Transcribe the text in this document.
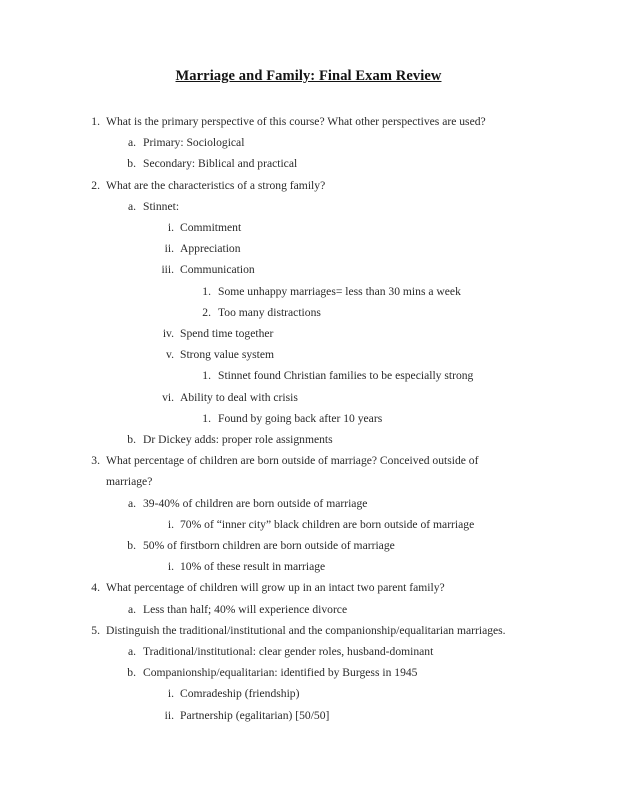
Marriage and Family: Final Exam Review
1. What is the primary perspective of this course? What other perspectives are used?
a. Primary: Sociological
b. Secondary: Biblical and practical
2. What are the characteristics of a strong family?
a. Stinnet:
i. Commitment
ii. Appreciation
iii. Communication
1. Some unhappy marriages= less than 30 mins a week
2. Too many distractions
iv. Spend time together
v. Strong value system
1. Stinnet found Christian families to be especially strong
vi. Ability to deal with crisis
1. Found by going back after 10 years
b. Dr Dickey adds: proper role assignments
3. What percentage of children are born outside of marriage? Conceived outside of marriage?
a. 39-40% of children are born outside of marriage
i. 70% of “inner city” black children are born outside of marriage
b. 50% of firstborn children are born outside of marriage
i. 10% of these result in marriage
4. What percentage of children will grow up in an intact two parent family?
a. Less than half; 40% will experience divorce
5. Distinguish the traditional/institutional and the companionship/equalitarian marriages.
a. Traditional/institutional: clear gender roles, husband-dominant
b. Companionship/equalitarian: identified by Burgess in 1945
i. Comradeship (friendship)
ii. Partnership (egalitarian) [50/50]
